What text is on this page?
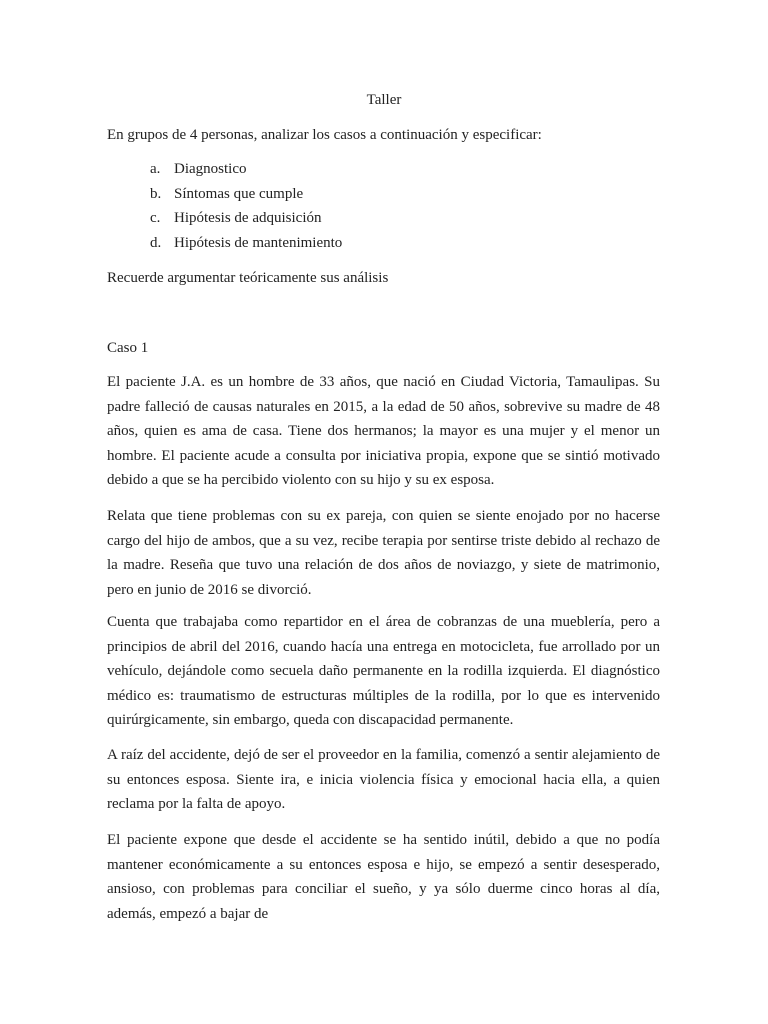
Taller
En grupos de 4 personas, analizar los casos a continuación y especificar:
a. Diagnostico
b. Síntomas que cumple
c. Hipótesis de adquisición
d. Hipótesis de mantenimiento
Recuerde argumentar teóricamente sus análisis
Caso 1

El paciente J.A. es un hombre de 33 años, que nació en Ciudad Victoria, Tamaulipas. Su padre falleció de causas naturales en 2015, a la edad de 50 años, sobrevive su madre de 48 años, quien es ama de casa. Tiene dos hermanos; la mayor es una mujer y el menor un hombre. El paciente acude a consulta por iniciativa propia, expone que se sintió motivado debido a que se ha percibido violento con su hijo y su ex esposa.

Relata que tiene problemas con su ex pareja, con quien se siente enojado por no hacerse cargo del hijo de ambos, que a su vez, recibe terapia por sentirse triste debido al rechazo de la madre. Reseña que tuvo una relación de dos años de noviazgo, y siete de matrimonio, pero en junio de 2016 se divorció.

Cuenta que trabajaba como repartidor en el área de cobranzas de una mueblería, pero a principios de abril del 2016, cuando hacía una entrega en motocicleta, fue arrollado por un vehículo, dejándole como secuela daño permanente en la rodilla izquierda. El diagnóstico médico es: traumatismo de estructuras múltiples de la rodilla, por lo que es intervenido quirúrgicamente, sin embargo, queda con discapacidad permanente.

A raíz del accidente, dejó de ser el proveedor en la familia, comenzó a sentir alejamiento de su entonces esposa. Siente ira, e inicia violencia física y emocional hacia ella, a quien reclama por la falta de apoyo.

El paciente expone que desde el accidente se ha sentido inútil, debido a que no podía mantener económicamente a su entonces esposa e hijo, se empezó a sentir desesperado, ansioso, con problemas para conciliar el sueño, y ya sólo duerme cinco horas al día, además, empezó a bajar de
